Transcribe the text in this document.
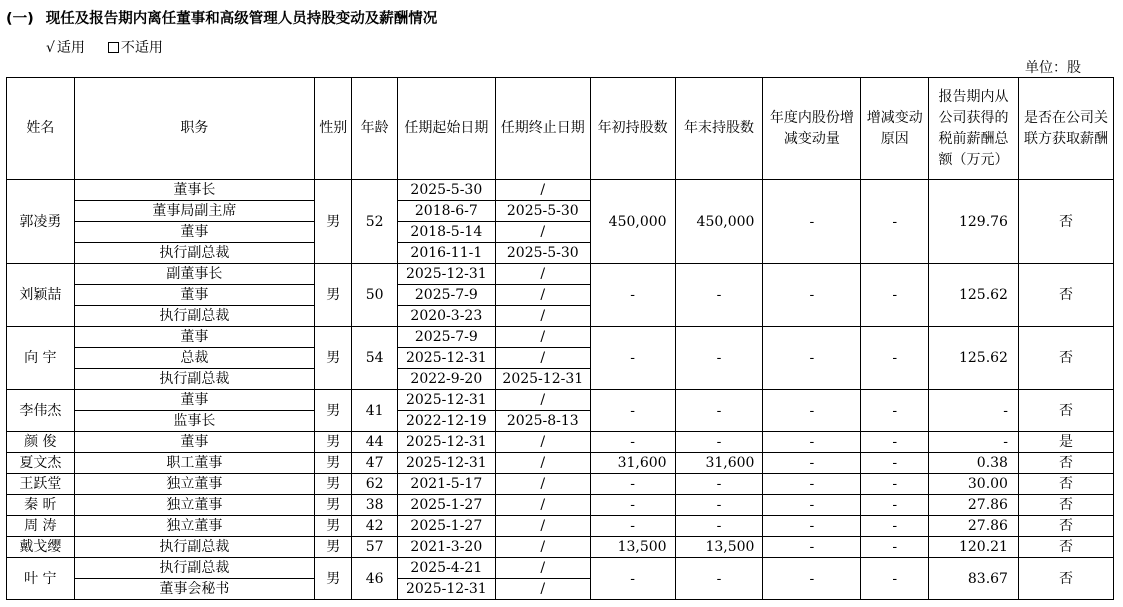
(一) 现任及报告期内离任董事和高级管理人员持股变动及薪酬情况
√ 适用	不适用
单位：股
姓名	职务	性别	年龄	任期起始日期	任期终止日期	年初持股数	年末持股数	年度内股份增减变动量	增减变动原因	报告期内从公司获得的税前薪酬总额（万元）	是否在公司关联方获取薪酬
郭凌勇	董事长	男	52	2025-5-30	/	450,000	450,000	-	-	129.76	否
	董事局副主席			2018-6-7	2025-5-30						
	董事			2018-5-14	/						
	执行副总裁			2016-11-1	2025-5-30						
刘颖喆	副董事长	男	50	2025-12-31	/	-	-	-	-	125.62	否
	董事			2025-7-9	/						
	执行副总裁			2020-3-23	/						
向 宇	董事	男	54	2025-7-9	/	-	-	-	-	125.62	否
	总裁			2025-12-31	/						
	执行副总裁			2022-9-20	2025-12-31						
李伟杰	董事	男	41	2025-12-31	/	-	-	-	-	-	否
	监事长			2022-12-19	2025-8-13						
颜 俊	董事	男	44	2025-12-31	/	-	-	-	-	-	是
夏文杰	职工董事	男	47	2025-12-31	/	31,600	31,600	-	-	0.38	否
王跃堂	独立董事	男	62	2021-5-17	/	-	-	-	-	30.00	否
秦 昕	独立董事	男	38	2025-1-27	/	-	-	-	-	27.86	否
周 涛	独立董事	男	42	2025-1-27	/	-	-	-	-	27.86	否
戴戈缨	执行副总裁	男	57	2021-3-20	/	13,500	13,500	-	-	120.21	否
叶 宁	执行副总裁	男	46	2025-4-21	/	-	-	-	-	83.67	否
	董事会秘书			2025-12-31	/						
